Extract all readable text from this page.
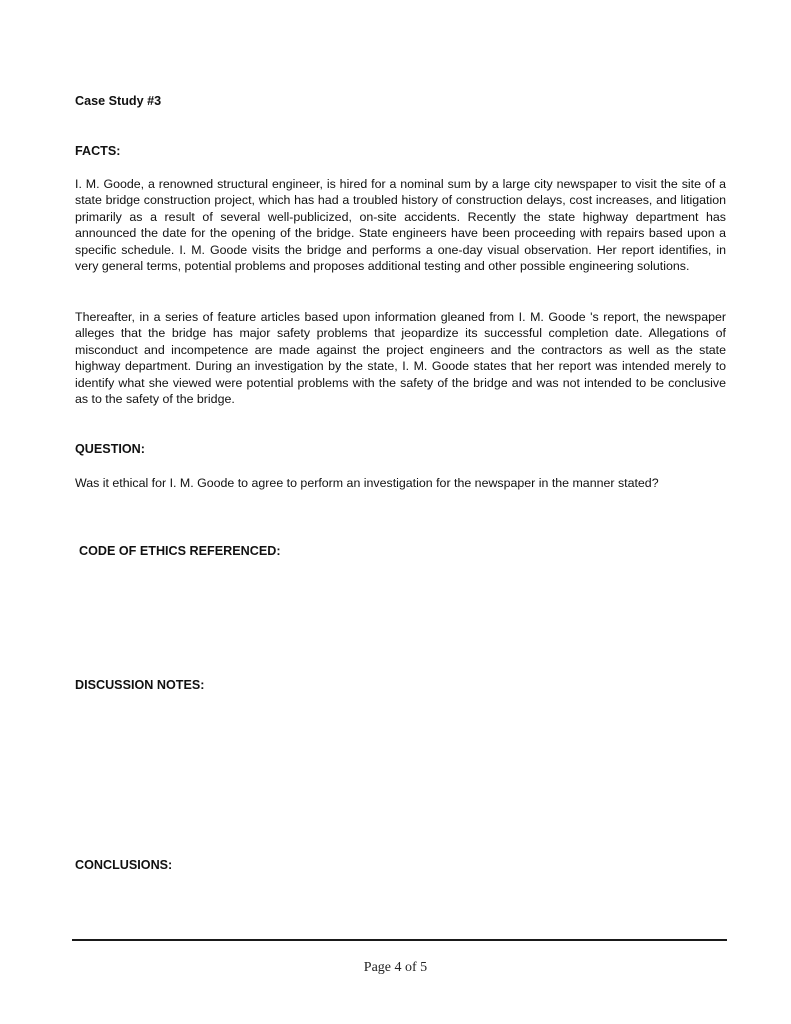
Case Study #3
FACTS:
I. M. Goode, a renowned structural engineer, is hired for a nominal sum by a large city newspaper to visit the site of a state bridge construction project, which has had a troubled history of construction delays, cost increases, and litigation primarily as a result of several well-publicized, on-site accidents. Recently the state highway department has announced the date for the opening of the bridge. State engineers have been proceeding with repairs based upon a specific schedule. I. M. Goode visits the bridge and performs a one-day visual observation. Her report identifies, in very general terms, potential problems and proposes additional testing and other possible engineering solutions.
Thereafter, in a series of feature articles based upon information gleaned from I. M. Goode 's report, the newspaper alleges that the bridge has major safety problems that jeopardize its successful completion date. Allegations of misconduct and incompetence are made against the project engineers and the contractors as well as the state highway department. During an investigation by the state, I. M. Goode states that her report was intended merely to identify what she viewed were potential problems with the safety of the bridge and was not intended to be conclusive as to the safety of the bridge.
QUESTION:
Was it ethical for I. M. Goode to agree to perform an investigation for the newspaper in the manner stated?
CODE OF ETHICS REFERENCED:
DISCUSSION NOTES:
CONCLUSIONS:
Page 4 of 5
